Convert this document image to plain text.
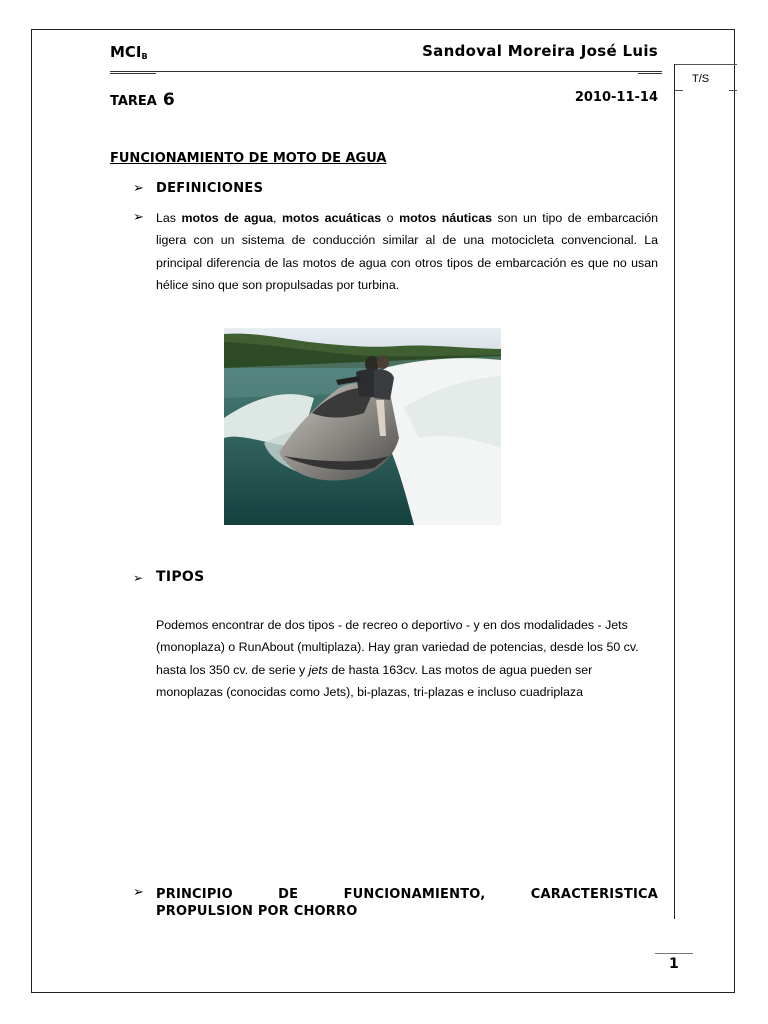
$MCI_B$	Sandoval Moreira José Luis
T/S
TAREA 6	2010-11-14
FUNCIONAMIENTO DE MOTO DE AGUA
➢ DEFINICIONES
➢ Las motos de agua, motos acuáticas o motos náuticas son un tipo de embarcación ligera con un sistema de conducción similar al de una motocicleta convencional. La principal diferencia de las motos de agua con otros tipos de embarcación es que no usan hélice sino que son propulsadas por turbina.
➢ TIPOS
Podemos encontrar de dos tipos - de recreo o deportivo - y en dos modalidades - Jets (monoplaza) o RunAbout (multiplaza). Hay gran variedad de potencias, desde los 50 cv. hasta los 350 cv. de serie y jets de hasta 163cv. Las motos de agua pueden ser monoplazas (conocidas como Jets), bi-plazas, tri-plazas e incluso cuadriplaza
➢ PRINCIPIO DE FUNCIONAMIENTO, CARACTERISTICA
PROPULSION POR CHORRO
1
